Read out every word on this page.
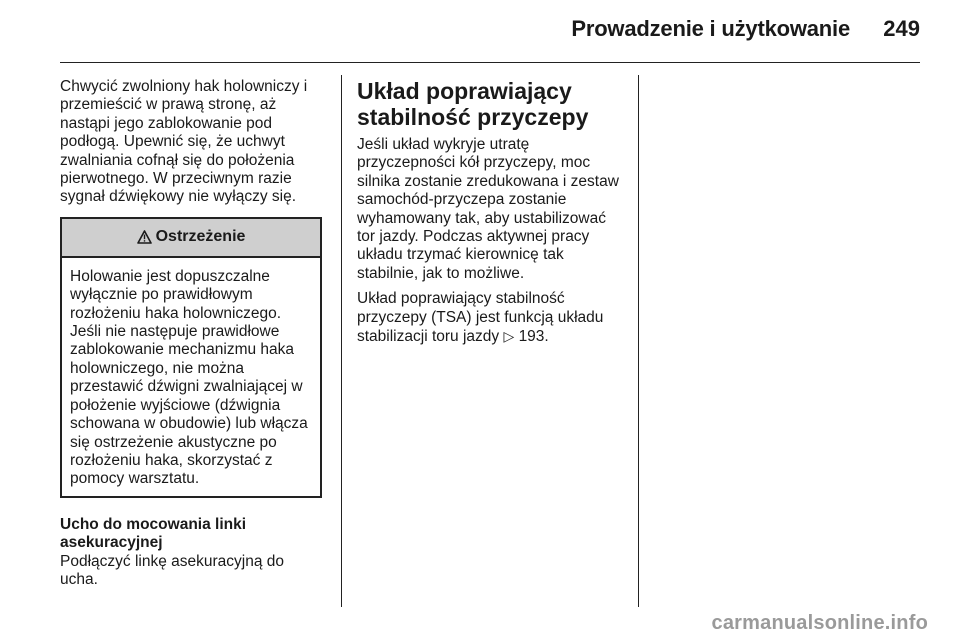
Prowadzenie i użytkowanie	249

Chwycić zwolniony hak holowniczy i przemieścić w prawą stronę, aż nastąpi jego zablokowanie pod podłogą. Upewnić się, że uchwyt zwalniania cofnął się do położenia pierwotnego. W przeciwnym razie sygnał dźwiękowy nie wyłączy się.

Ostrzeżenie
Holowanie jest dopuszczalne wyłącznie po prawidłowym rozłożeniu haka holowniczego. Jeśli nie następuje prawidłowe zablokowanie mechanizmu haka holowniczego, nie można przestawić dźwigni zwalniającej w położenie wyjściowe (dźwignia schowana w obudowie) lub włącza się ostrzeżenie akustyczne po rozłożeniu haka, skorzystać z pomocy warsztatu.
Ucho do mocowania linki asekuracyjnej

Podłączyć linkę asekuracyjną do ucha.

Układ poprawiający stabilność przyczepy

Jeśli układ wykryje utratę przyczepności kół przyczepy, moc silnika zostanie zredukowana i zestaw samochód-przyczepa zostanie wyhamowany tak, aby ustabilizować tor jazdy. Podczas aktywnej pracy układu trzymać kierownicę tak stabilnie, jak to możliwe.

Układ poprawiający stabilność przyczepy (TSA) jest funkcją układu stabilizacji toru jazdy ▷ 193.

carmanualsonline.info
